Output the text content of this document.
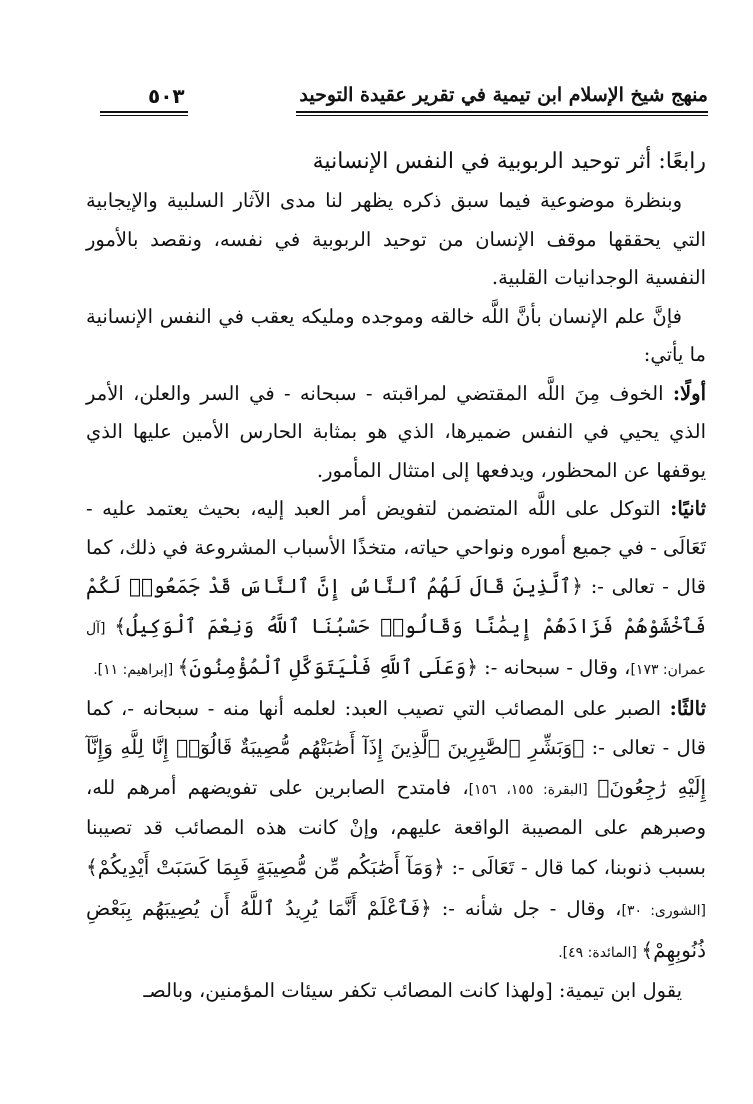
منهج شيخ الإسلام ابن تيمية في تقرير عقيدة التوحيد
٥٠٣
رابعًا: أثر توحيد الربوبية في النفس الإنسانية

وبنظرة موضوعية فيما سبق ذكره يظهر لنا مدى الآثار السلبية والإيجابية التي يحققها موقف الإنسان من توحيد الربوبية في نفسه، ونقصد بالأمور النفسية الوجدانيات القلبية.

فإنَّ علم الإنسان بأنَّ اللَّه خالقه وموجده ومليكه يعقب في النفس الإنسانية ما يأتي:

أولًا: الخوف مِنَ اللَّه المقتضي لمراقبته - سبحانه - في السر والعلن، الأمر الذي يحيي في النفس ضميرها، الذي هو بمثابة الحارس الأمين عليها الذي يوقفها عن المحظور، ويدفعها إلى امتثال المأمور.

ثانيًا: التوكل على اللَّه المتضمن لتفويض أمر العبد إليه، بحيث يعتمد عليه - تَعَالَى - في جميع أموره ونواحي حياته، متخذًا الأسباب المشروعة في ذلك، كما قال - تعالى -: ﴿ٱلَّذِينَ قَالَ لَهُمُ ٱلنَّاسُ إِنَّ ٱلنَّاسَ قَدْ جَمَعُوا۟ لَكُمْ فَٱخْشَوْهُمْ فَزَادَهُمْ إِيمَٰنًا وَقَالُوا۟ حَسْبُنَا ٱللَّهُ وَنِعْمَ ٱلْوَكِيلُ﴾ [آل عمران: ١٧٣]، وقال - سبحانه -: ﴿وَعَلَى ٱللَّهِ فَلْيَتَوَكَّلِ ٱلْمُؤْمِنُونَ﴾ [إبراهيم: ١١].

ثالثًا: الصبر على المصائب التي تصيب العبد: لعلمه أنها منه - سبحانه -، كما قال - تعالى -: ﴿وَبَشِّرِ ٱلصَّٰبِرِينَ ٱلَّذِينَ إِذَآ أَصَٰبَتْهُم مُّصِيبَةٌ قَالُوٓا۟ إِنَّا لِلَّهِ وَإِنَّآ إِلَيْهِ رَٰجِعُونَ﴾ [البقرة: ١٥٥، ١٥٦]، فامتدح الصابرين على تفويضهم أمرهم لله، وصبرهم على المصيبة الواقعة عليهم، وإنْ كانت هذه المصائب قد تصيبنا بسبب ذنوبنا، كما قال - تَعَالَى -: ﴿وَمَآ أَصَٰبَكُم مِّن مُّصِيبَةٍ فَبِمَا كَسَبَتْ أَيْدِيكُمْ﴾ [الشورى: ٣٠]، وقال - جل شأنه -: ﴿فَٱعْلَمْ أَنَّمَا يُرِيدُ ٱللَّهُ أَن يُصِيبَهُم بِبَعْضِ ذُنُوبِهِمْ﴾ [المائدة: ٤٩].

يقول ابن تيمية: [ولهذا كانت المصائب تكفر سيئات المؤمنين، وبالصـ
